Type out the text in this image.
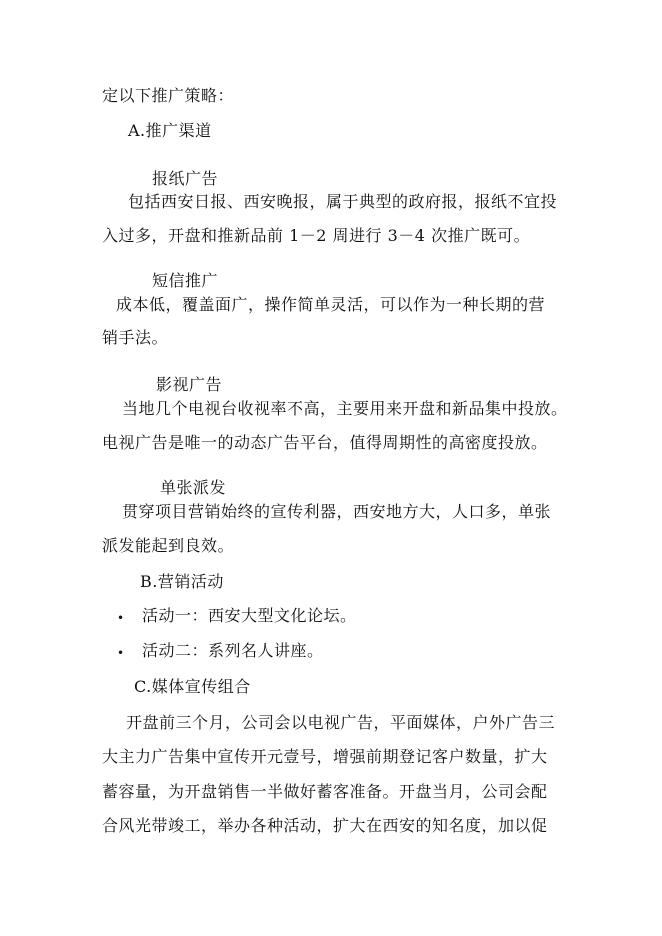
定以下推广策略：
A.推广渠道
报纸广告
包括西安日报、西安晚报，属于典型的政府报，报纸不宜投
入过多，开盘和推新品前 1－2 周进行 3－4 次推广既可。
短信推广
成本低，覆盖面广，操作简单灵活，可以作为一种长期的营
销手法。
影视广告
当地几个电视台收视率不高，主要用来开盘和新品集中投放。
电视广告是唯一的动态广告平台，值得周期性的高密度投放。
单张派发
贯穿项目营销始终的宣传利器，西安地方大，人口多，单张
派发能起到良效。
B.营销活动
• 活动一：西安大型文化论坛。
• 活动二：系列名人讲座。
C.媒体宣传组合
开盘前三个月，公司会以电视广告，平面媒体，户外广告三
大主力广告集中宣传开元壹号，增强前期登记客户数量，扩大
蓄容量，为开盘销售一半做好蓄客准备。开盘当月，公司会配
合风光带竣工，举办各种活动，扩大在西安的知名度，加以促
